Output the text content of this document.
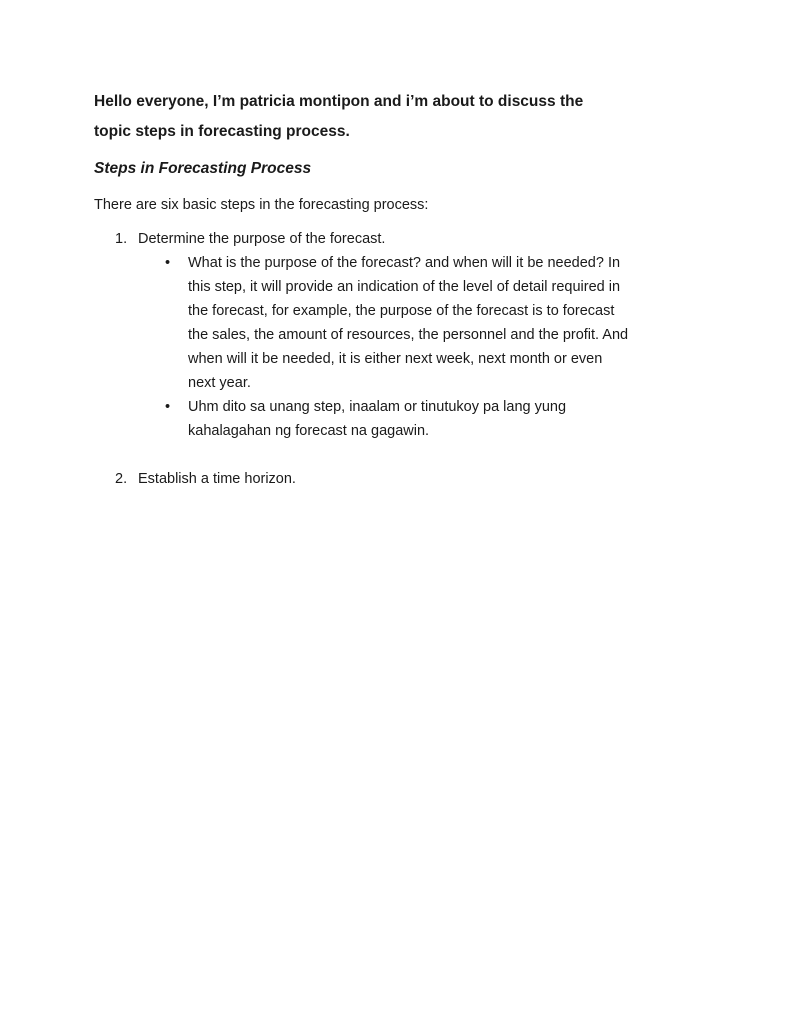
Hello everyone, I’m patricia montipon and i’m about to discuss the
topic steps in forecasting process.

Steps in Forecasting Process

There are six basic steps in the forecasting process:

1. Determine the purpose of the forecast.
•	What is the purpose of the forecast? and when will it be needed? In
this step, it will provide an indication of the level of detail required in
the forecast, for example, the purpose of the forecast is to forecast
the sales, the amount of resources, the personnel and the profit. And
when will it be needed, it is either next week, next month or even
next year.
•	Uhm dito sa unang step, inaalam or tinutukoy pa lang yung
kahalagahan ng forecast na gagawin.
2. Establish a time horizon.
